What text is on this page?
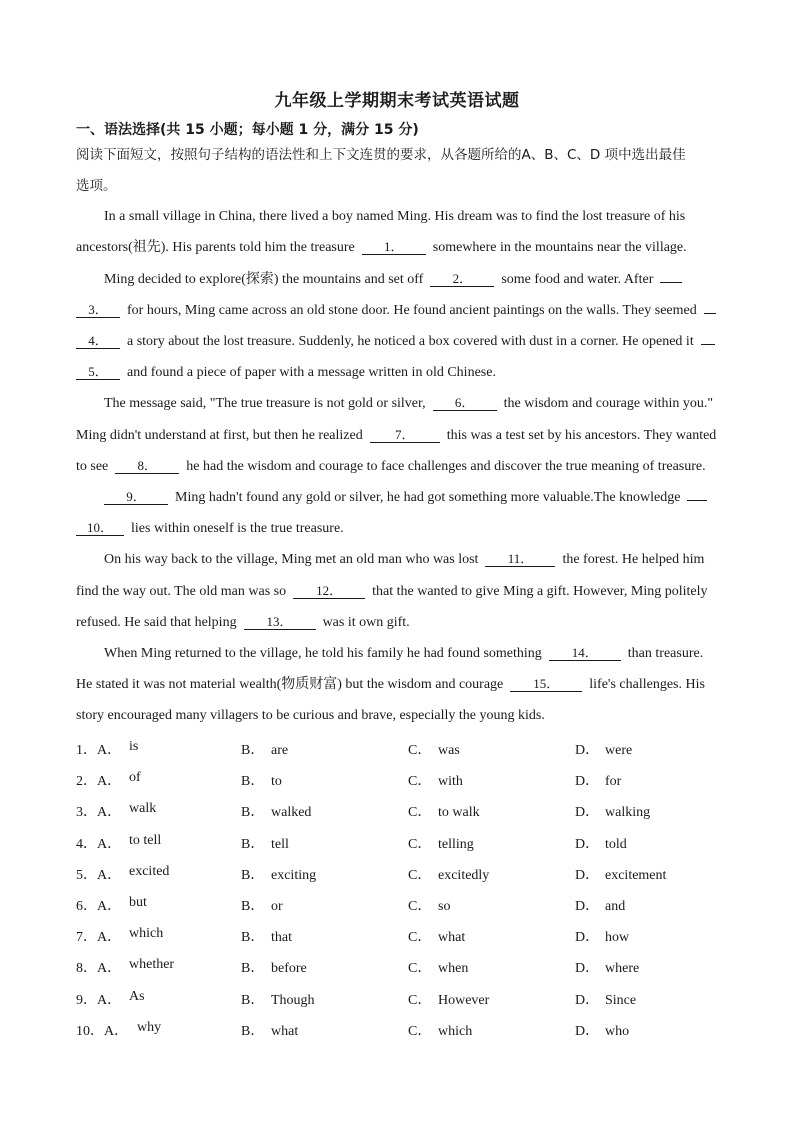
九年级上学期期末考试英语试题
一、语法选择(共 15 小题；每小题 1 分，满分 15 分)
阅读下面短文，按照句子结构的语法性和上下文连贯的要求，从各题所给的A、B、C、D 项中选出最佳
选项。
In a small village in China, there lived a boy named Ming. His dream was to find the lost treasure of his
ancestors(祖先). His parents told him the treasure 1． somewhere in the mountains near the village.
Ming decided to explore(探索) the mountains and set off 2． some food and water. After
3． for hours, Ming came across an old stone door. He found ancient paintings on the walls. They seemed
4． a story about the lost treasure. Suddenly, he noticed a box covered with dust in a corner. He opened it
5． and found a piece of paper with a message written in old Chinese.
The message said, "The true treasure is not gold or silver, 6． the wisdom and courage within you."
Ming didn't understand at first, but then he realized 7． this was a test set by his ancestors. They wanted
to see 8． he had the wisdom and courage to face challenges and discover the true meaning of treasure.
9． Ming hadn't found any gold or silver, he had got something more valuable.The knowledge
10． lies within oneself is the true treasure.
On his way back to the village, Ming met an old man who was lost 11． the forest. He helped him
find the way out. The old man was so 12． that the wanted to give Ming a gift. However, Ming politely
refused. He said that helping 13． was it own gift.
When Ming returned to the village, he told his family he had found something 14． than treasure.
He stated it was not material wealth(物质财富) but the wisdom and courage 15． life's challenges. His
story encouraged many villagers to be curious and brave, especially the young kids.
1．A． is	B． are	C． was	D． were
2．A． of	B． to	C． with	D． for
3．A． walk	B． walked	C． to walk	D． walking
4．A． to tell	B． tell	C． telling	D． told
5．A． excited	B． exciting	C． excitedly	D． excitement
6．A． but	B． or	C． so	D． and
7．A． which	B． that	C． what	D． how
8．A． whether	B． before	C． when	D． where
9．A． As	B． Though	C． However	D． Since
10．A． why	B． what	C． which	D． who
